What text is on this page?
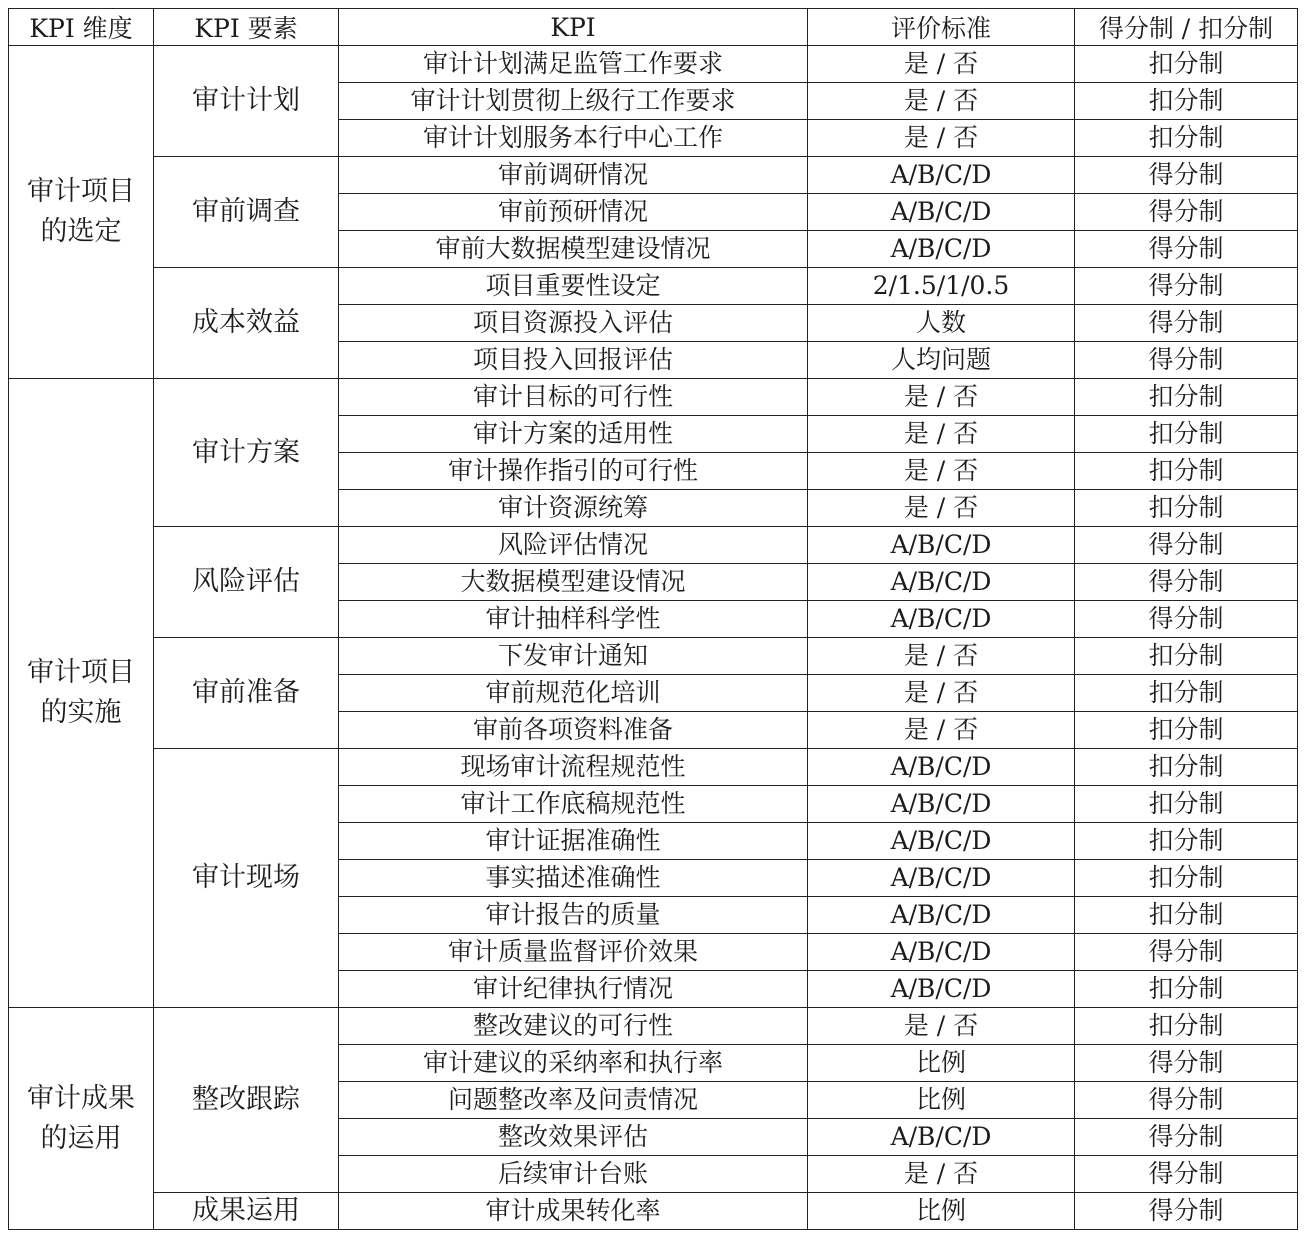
KPI 维度	KPI 要素	KPI	评价标准	得分制 / 扣分制
审计项目的选定	审计计划	审计计划满足监管工作要求	是 / 否	扣分制
		审计计划贯彻上级行工作要求	是 / 否	扣分制
		审计计划服务本行中心工作	是 / 否	扣分制
	审前调查	审前调研情况	A/B/C/D	得分制
		审前预研情况	A/B/C/D	得分制
		审前大数据模型建设情况	A/B/C/D	得分制
	成本效益	项目重要性设定	2/1.5/1/0.5	得分制
		项目资源投入评估	人数	得分制
		项目投入回报评估	人均问题	得分制
审计项目的实施	审计方案	审计目标的可行性	是 / 否	扣分制
		审计方案的适用性	是 / 否	扣分制
		审计操作指引的可行性	是 / 否	扣分制
		审计资源统筹	是 / 否	扣分制
	风险评估	风险评估情况	A/B/C/D	得分制
		大数据模型建设情况	A/B/C/D	得分制
		审计抽样科学性	A/B/C/D	得分制
	审前准备	下发审计通知	是 / 否	扣分制
		审前规范化培训	是 / 否	扣分制
		审前各项资料准备	是 / 否	扣分制
	审计现场	现场审计流程规范性	A/B/C/D	扣分制
		审计工作底稿规范性	A/B/C/D	扣分制
		审计证据准确性	A/B/C/D	扣分制
		事实描述准确性	A/B/C/D	扣分制
		审计报告的质量	A/B/C/D	扣分制
		审计质量监督评价效果	A/B/C/D	得分制
		审计纪律执行情况	A/B/C/D	扣分制
审计成果的运用	整改跟踪	整改建议的可行性	是 / 否	扣分制
		审计建议的采纳率和执行率	比例	得分制
		问题整改率及问责情况	比例	得分制
		整改效果评估	A/B/C/D	得分制
		后续审计台账	是 / 否	得分制
	成果运用	审计成果转化率	比例	得分制
